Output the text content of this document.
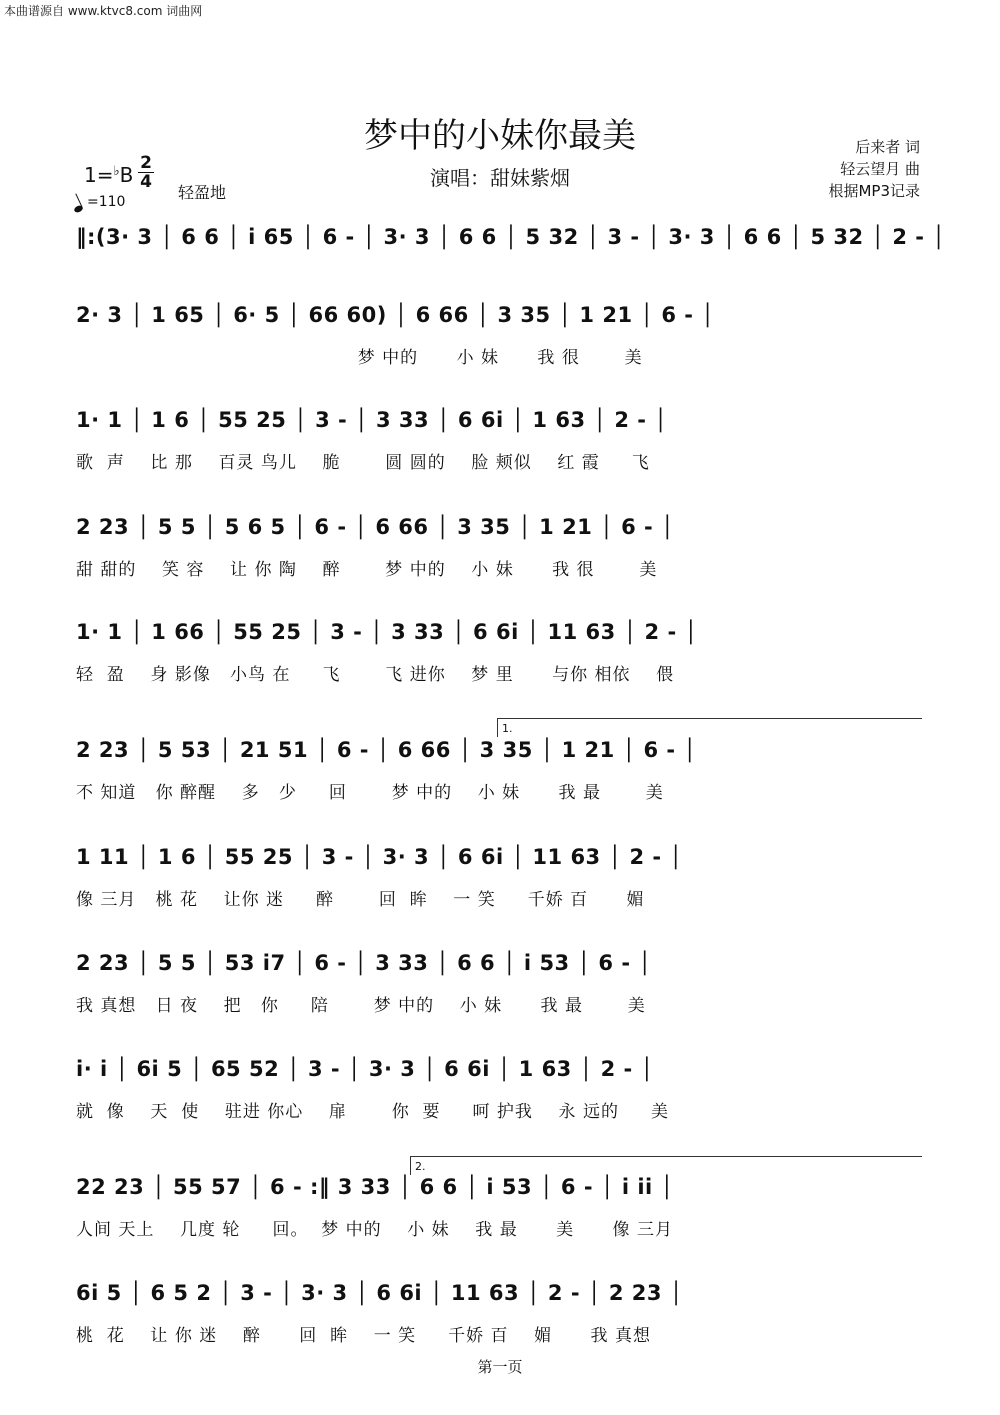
本曲谱源自 www.ktvc8.com 词曲网
梦中的小妹你最美
演唱：甜妹紫烟
后来者 词
轻云望月 曲
根据MP3记录
1=♭B 2
4
轻盈地
=110
‖:(3· 3 │ 6 6 │ i 65 │ 6 - │ 3· 3 │ 6 6 │ 5 32 │ 3 - │ 3· 3 │ 6 6 │ 5 32 │ 2 - │
2· 3 │ 1 65 │ 6· 5 │ 66 60) │ 6 66 │ 3 35 │ 1 21 │ 6 - │
梦 中的      小 妹      我 很       美
1· 1 │ 1 6 │ 55 25 │ 3 - │ 3 33 │ 6 6i │ 1 63 │ 2 - │
歌  声    比 那    百灵 鸟儿    脆       圆 圆的    脸 颊似    红 霞     飞
2 23 │ 5 5 │ 5 6 5 │ 6 - │ 6 66 │ 3 35 │ 1 21 │ 6 - │
甜 甜的    笑 容    让 你 陶    醉       梦 中的    小 妹      我 很       美
1· 1 │ 1 66 │ 55 25 │ 3 - │ 3 33 │ 6 6i │ 11 63 │ 2 - │
轻  盈    身 影像   小鸟 在     飞       飞 进你    梦 里      与你 相依    偎
2 23 │ 5 53 │ 21 51 │ 6 - │ 6 66 │ 3 35 │ 1 21 │ 6 - │
不 知道   你 醉醒    多   少     回       梦 中的    小 妹      我 最       美
1 11 │ 1 6 │ 55 25 │ 3 - │ 3· 3 │ 6 6i │ 11 63 │ 2 - │
像 三月   桃 花    让你 迷     醉       回  眸    一 笑     千娇 百      媚
2 23 │ 5 5 │ 53 i7 │ 6 - │ 3 33 │ 6 6 │ i 53 │ 6 - │
我 真想   日 夜    把   你     陪       梦 中的    小 妹      我 最       美
i· i │ 6i 5 │ 65 52 │ 3 - │ 3· 3 │ 6 6i │ 1 63 │ 2 - │
就  像    天  使    驻进 你心    扉       你  要     呵 护我    永 远的     美
22 23 │ 55 57 │ 6 - :‖ 3 33 │ 6 6 │ i 53 │ 6 - │ i ii │
人间 天上    几度 轮     回。  梦 中的    小 妹    我 最      美      像 三月
6i 5 │ 6 5 2 │ 3 - │ 3· 3 │ 6 6i │ 11 63 │ 2 - │ 2 23 │
桃  花    让 你 迷    醉      回  眸    一 笑     千娇 百    媚      我 真想
1.
2.
第一页
